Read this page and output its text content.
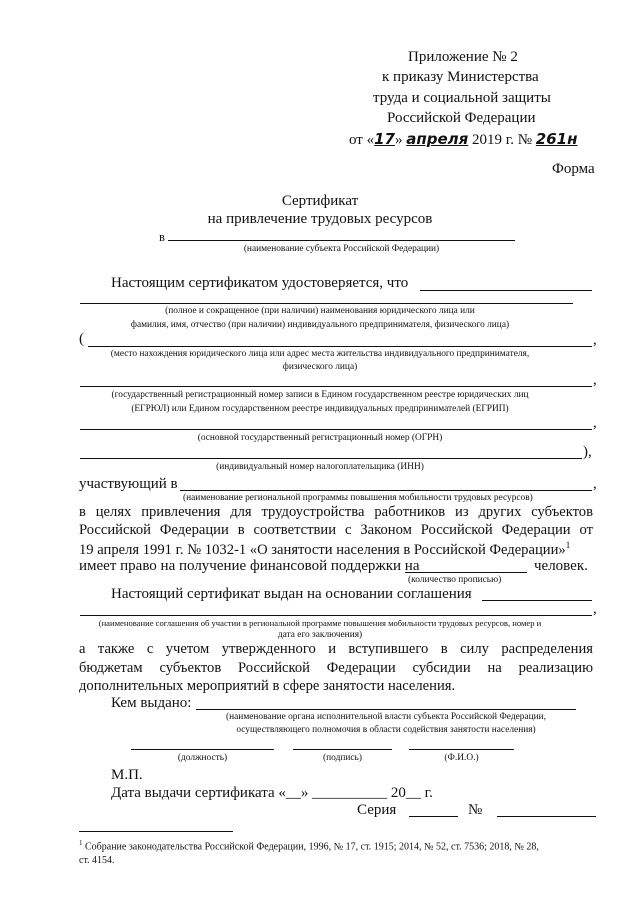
Приложение № 2
к приказу Министерства
труда и социальной защиты
Российской Федерации
от «17» апреля 2019 г. № 261н
Форма
Сертификат
на привлечение трудовых ресурсов
в
(наименование субъекта Российской Федерации)
Настоящим сертификатом удостоверяется, что
(полное и сокращенное (при наличии) наименования юридического лица или
фамилия, имя, отчество (при наличии) индивидуального предпринимателя, физического лица)
(	,
(место нахождения юридического лица или адрес места жительства индивидуального предпринимателя,
физического лица)
,
(государственный регистрационный номер записи в Едином государственном реестре юридических лиц
(ЕГРЮЛ) или Едином государственном реестре индивидуальных предпринимателей (ЕГРИП)
,
(основной государственный регистрационный номер (ОГРН)
),
(индивидуальный номер налогоплательщика (ИНН)
участвующий в	,
(наименование региональной программы повышения мобильности трудовых ресурсов)
в целях привлечения для трудоустройства работников из других субъектов
Российской Федерации в соответствии с Законом Российской Федерации от
19 апреля 1991 г. № 1032-1 «О занятости населения в Российской Федерации»$^1$
имеет право на получение финансовой поддержки на	человек.
(количество прописью)
Настоящий сертификат выдан на основании соглашения
,
(наименование соглашения об участии в региональной программе повышения мобильности трудовых ресурсов, номер и
дата его заключения)
а также с учетом утвержденного и вступившего в силу распределения
бюджетам субъектов Российской Федерации субсидии на реализацию
дополнительных мероприятий в сфере занятости населения.
Кем выдано:
(наименование органа исполнительной власти субъекта Российской Федерации,
осуществляющего полномочия в области содействия занятости населения)
(должность)	(подпись)	(Ф.И.О.)
М.П.
Дата выдачи сертификата «__» __________ 20__ г.
Серия	№
$^1$ Собрание законодательства Российской Федерации, 1996, № 17, ст. 1915; 2014, № 52, ст. 7536; 2018, № 28,
ст. 4154.
